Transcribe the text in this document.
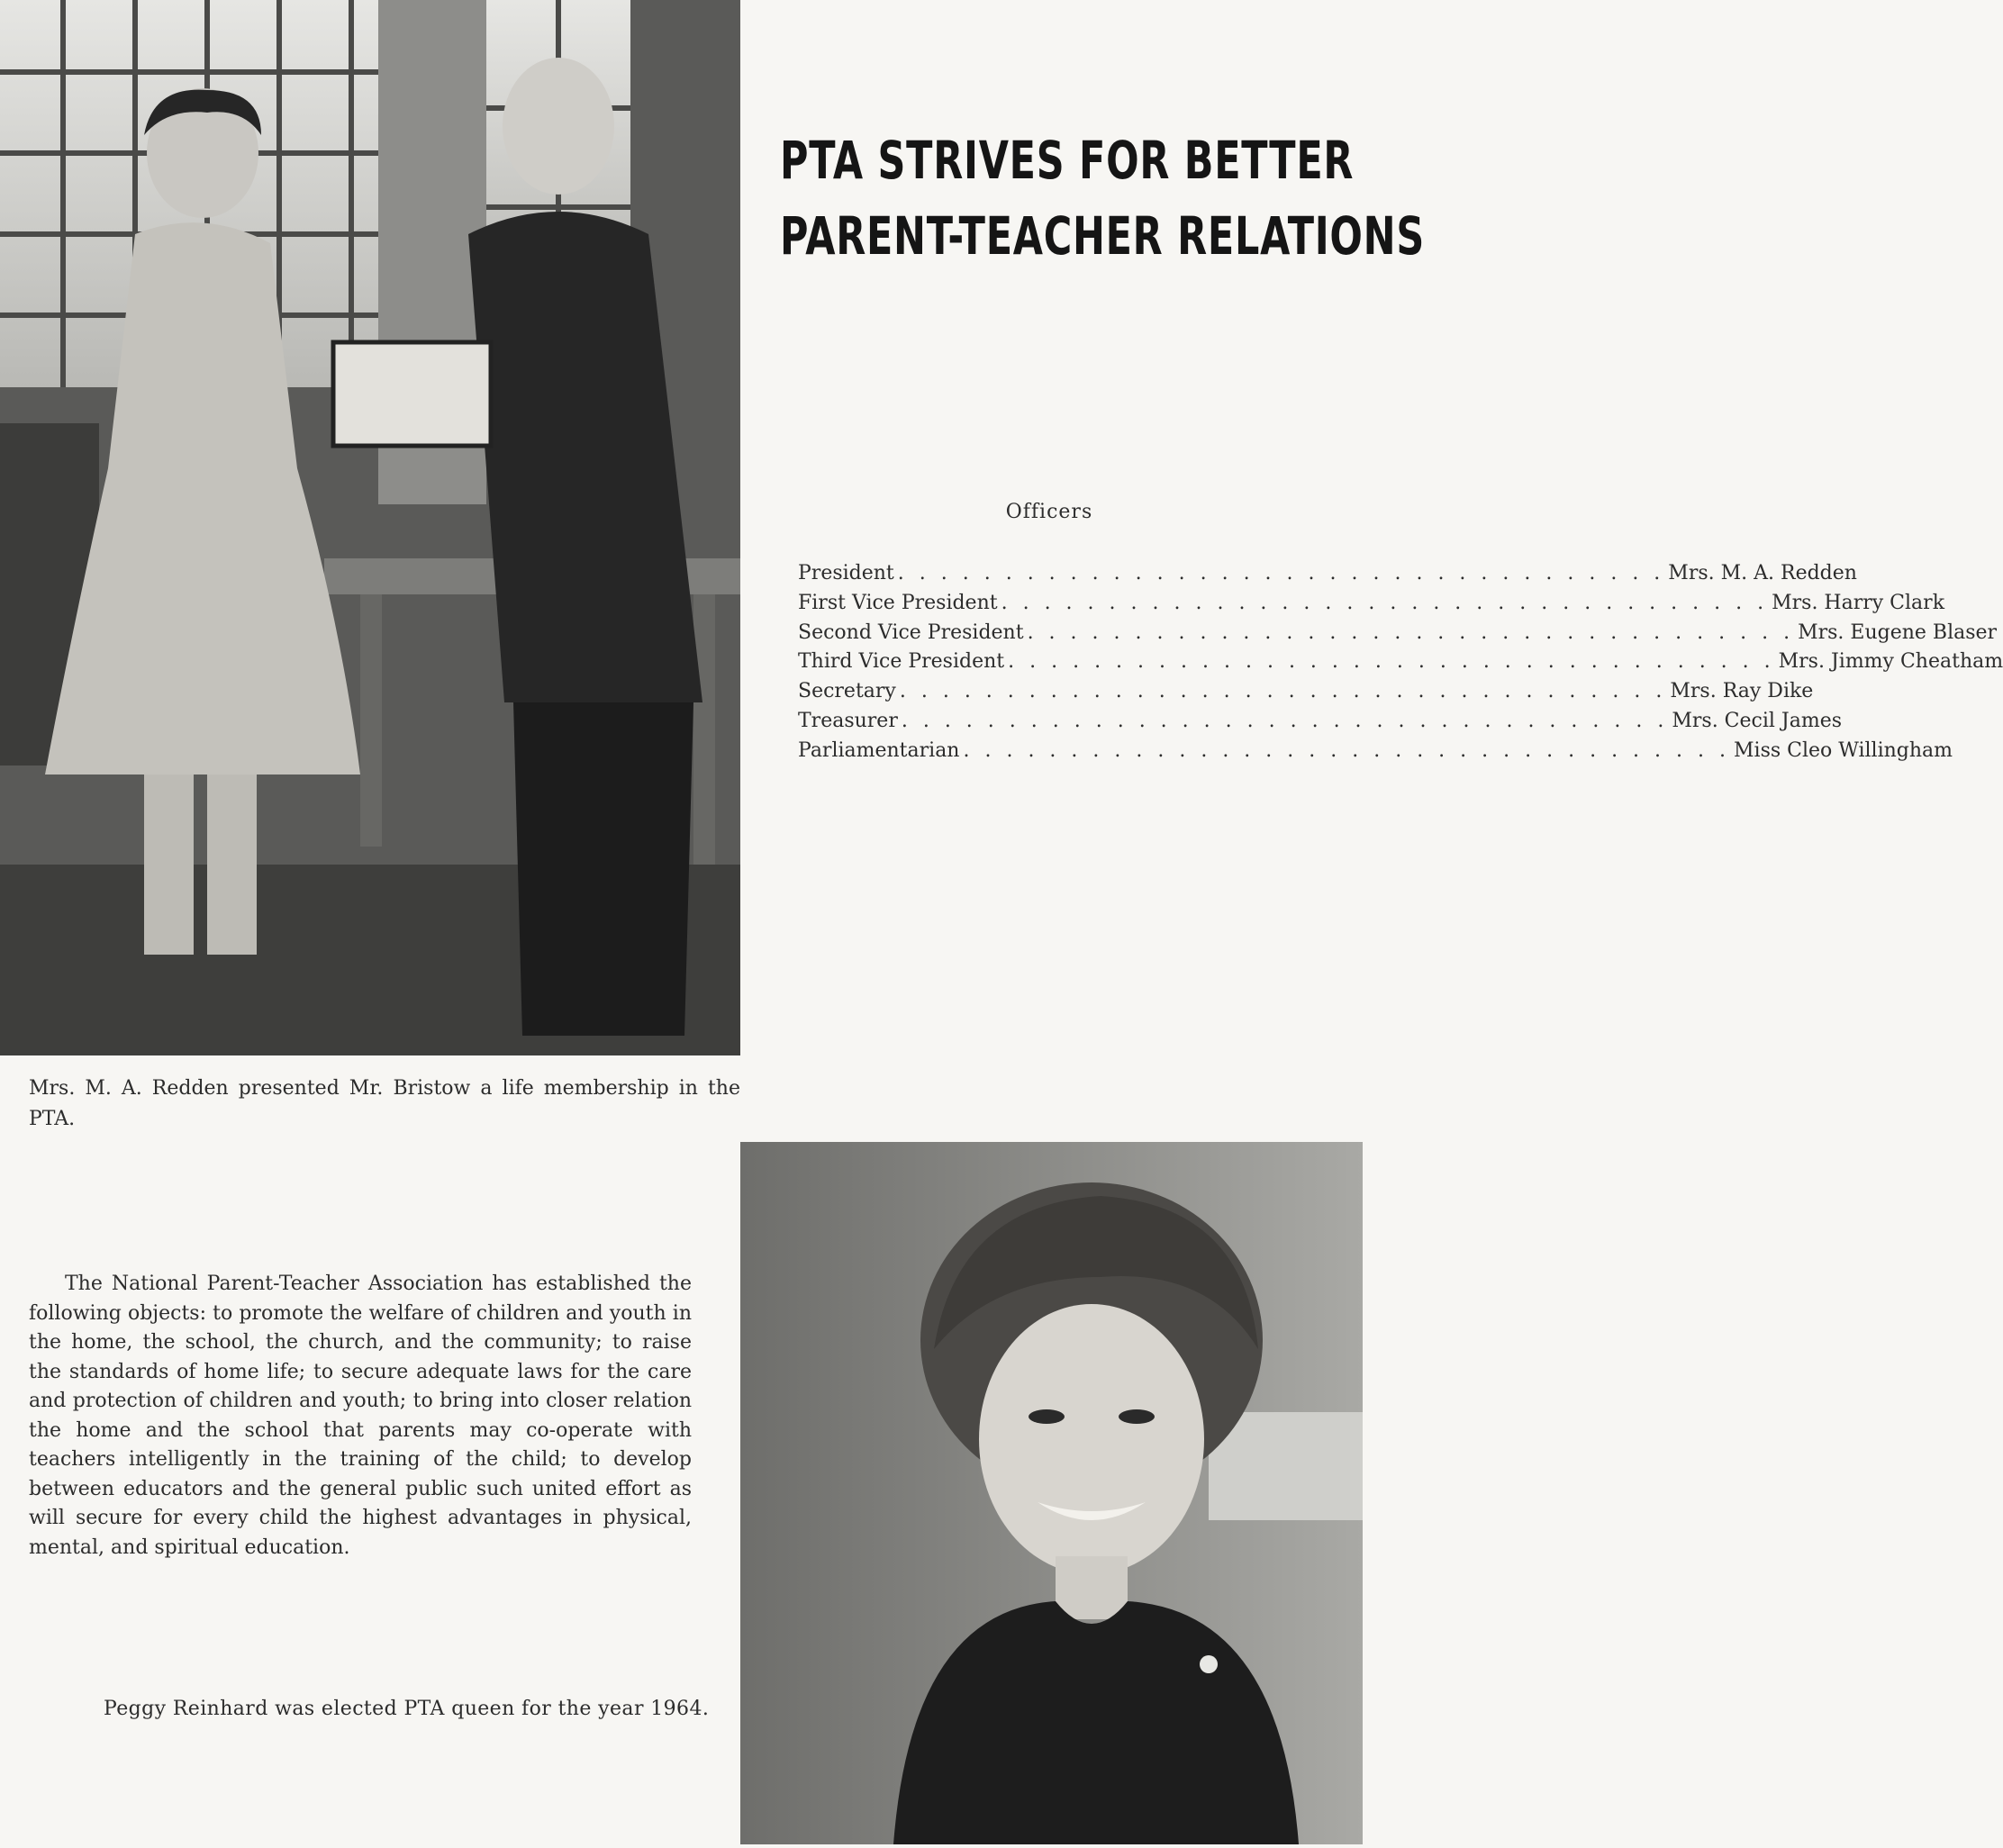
PTA STRIVES FOR BETTER
PARENT-TEACHER RELATIONS
Officers
President . . . . . . . . . . . . . . . . . . . . . . . . . . . . . . . . . . . . Mrs. M. A. Redden
First Vice President . . . . . . . . . . . . . . . . . . . . . . . . . . . . . . . . . . . . Mrs. Harry Clark
Second Vice President . . . . . . . . . . . . . . . . . . . . . . . . . . . . . . . . . . . . Mrs. Eugene Blaser
Third Vice President . . . . . . . . . . . . . . . . . . . . . . . . . . . . . . . . . . . . Mrs. Jimmy Cheatham
Secretary . . . . . . . . . . . . . . . . . . . . . . . . . . . . . . . . . . . . Mrs. Ray Dike
Treasurer . . . . . . . . . . . . . . . . . . . . . . . . . . . . . . . . . . . . Mrs. Cecil James
Parliamentarian . . . . . . . . . . . . . . . . . . . . . . . . . . . . . . . . . . . . Miss Cleo Willingham
Mrs. M. A. Redden presented Mr. Bristow a life membership in the PTA.
The National Parent-Teacher Association has established the following objects: to promote the welfare of children and youth in the home, the school, the church, and the community; to raise the standards of home life; to secure adequate laws for the care and protection of children and youth; to bring into closer relation the home and the school that parents may co-operate with teachers intelligently in the training of the child; to develop between educators and the general public such united effort as will secure for every child the highest advantages in physical, mental, and spiritual education.
Peggy Reinhard was elected PTA queen for the year 1964.
